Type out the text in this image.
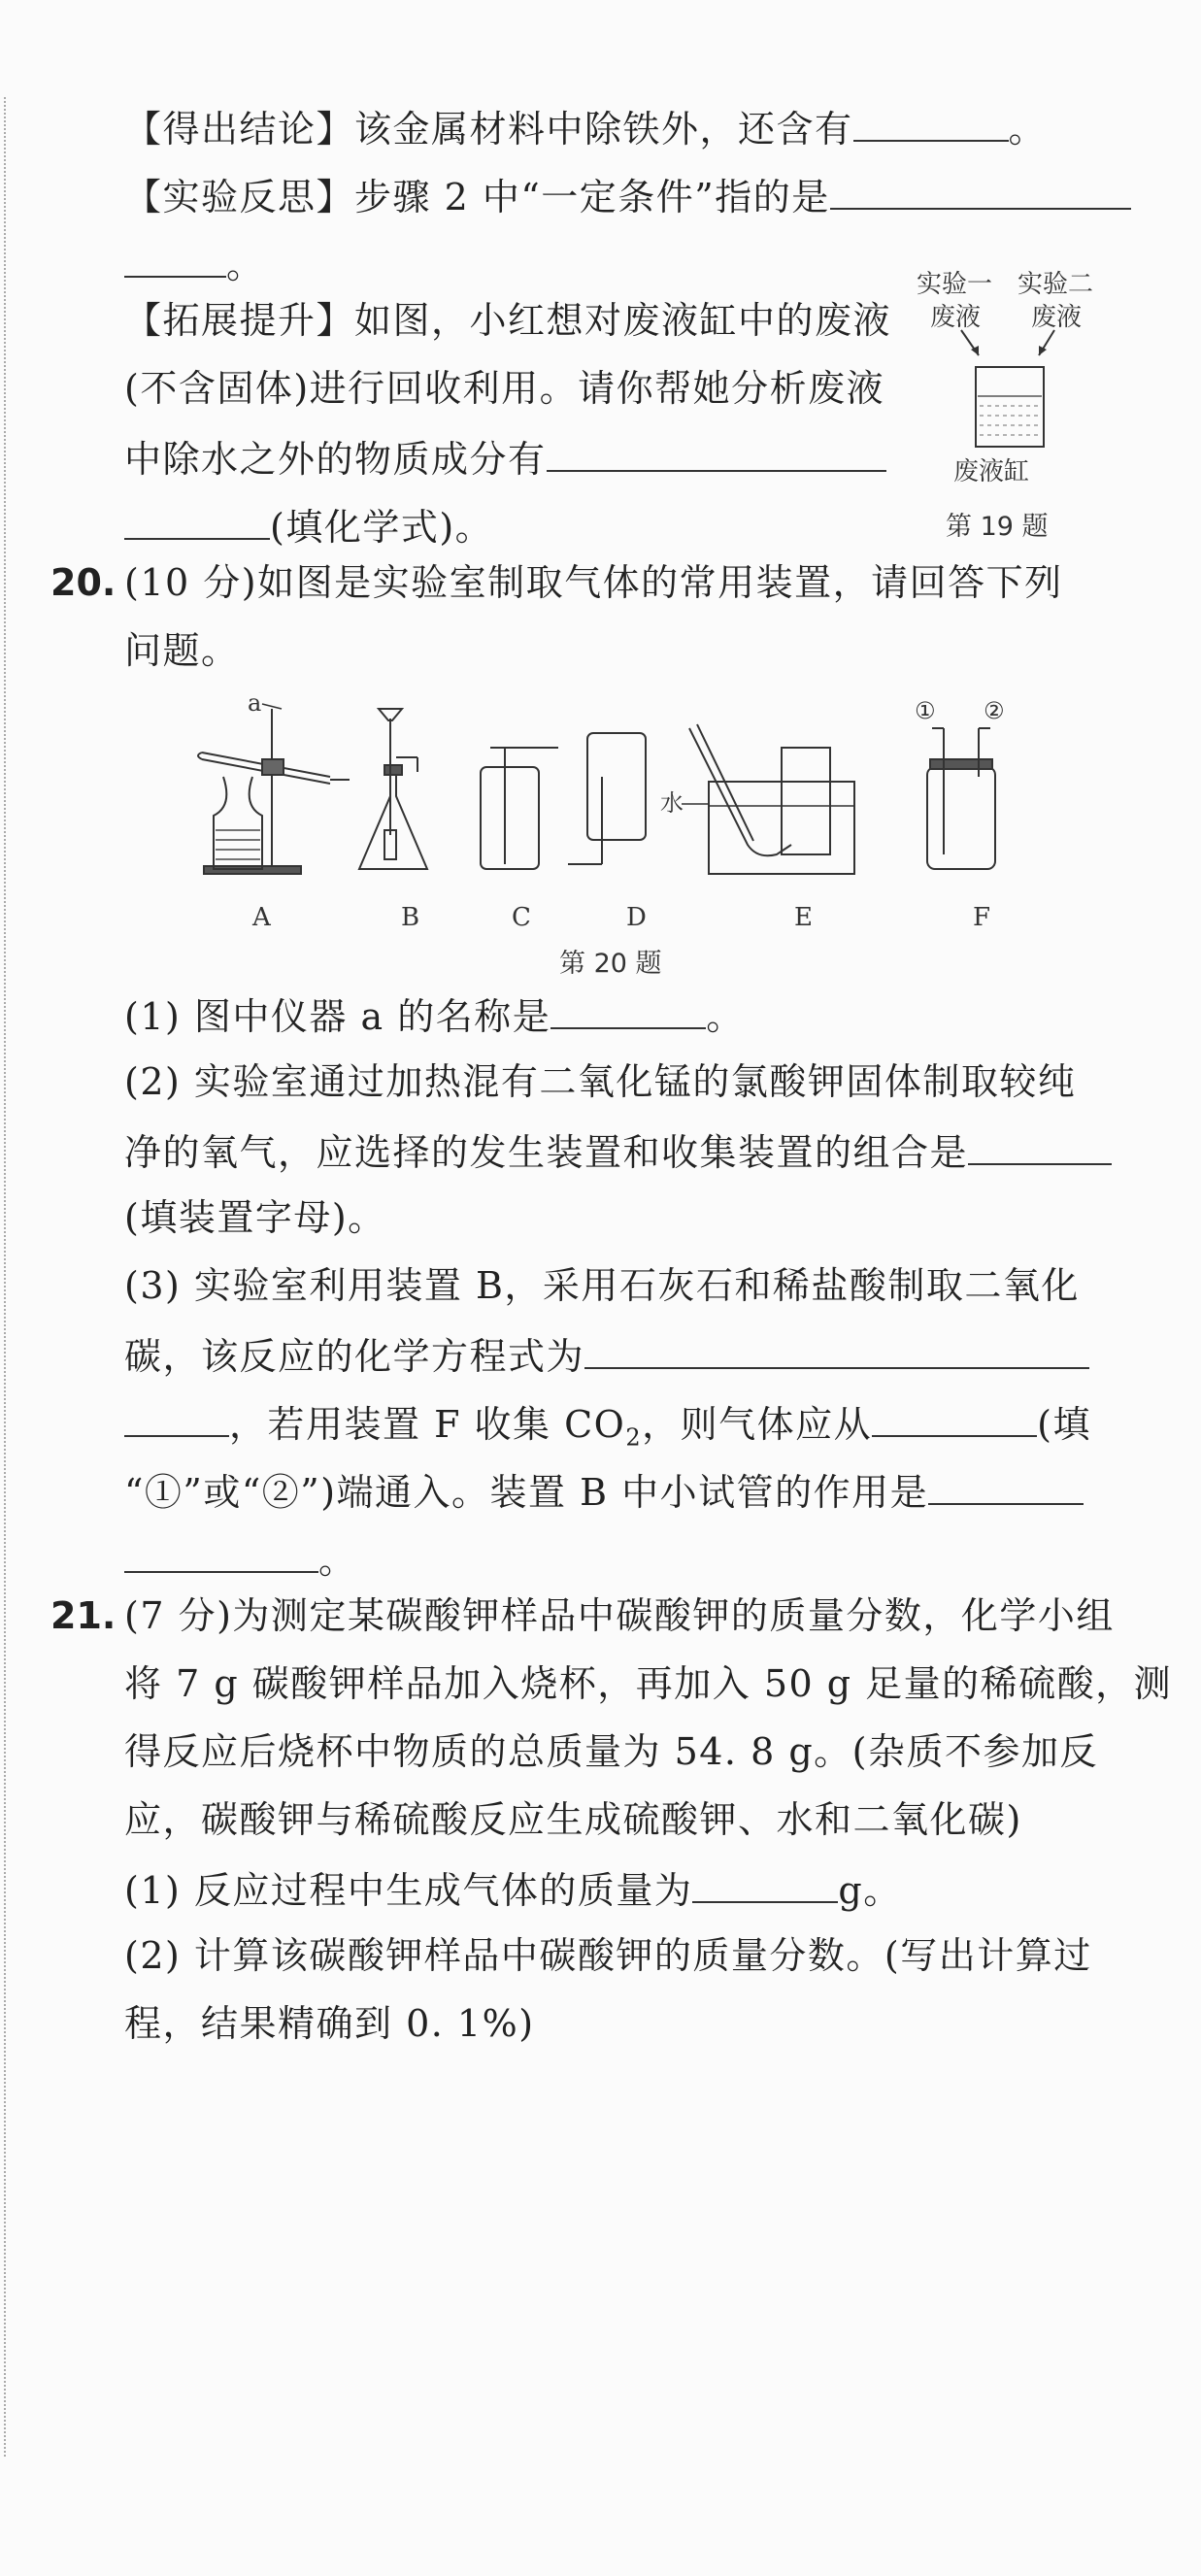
【得出结论】该金属材料中除铁外，还含有	。
【实验反思】步骤 2 中“一定条件”指的是
。
【拓展提升】如图，小红想对废液缸中的废液
(不含固体)进行回收利用。请你帮她分析废液
中除水之外的物质成分有
(填化学式)。
实验一
废液
实验二
废液
废液缸
第 19 题
20. (10 分)如图是实验室制取气体的常用装置，请回答下列
问题。
a
水
① ②
A	B	C	D	E	F
第 20 题
(1) 图中仪器 a 的名称是	。
(2) 实验室通过加热混有二氧化锰的氯酸钾固体制取较纯
净的氧气，应选择的发生装置和收集装置的组合是
(填装置字母)。
(3) 实验室利用装置 B，采用石灰石和稀盐酸制取二氧化
碳，该反应的化学方程式为
，若用装置 F 收集 $CO_2$，则气体应从	(填
“①”或“②”)端通入。装置 B 中小试管的作用是
。
21. (7 分)为测定某碳酸钾样品中碳酸钾的质量分数，化学小组
将 7 g 碳酸钾样品加入烧杯，再加入 50 g 足量的稀硫酸，测
得反应后烧杯中物质的总质量为 54. 8 g。(杂质不参加反
应，碳酸钾与稀硫酸反应生成硫酸钾、水和二氧化碳)
(1) 反应过程中生成气体的质量为	g。
(2) 计算该碳酸钾样品中碳酸钾的质量分数。(写出计算过
程，结果精确到 0. 1%)
